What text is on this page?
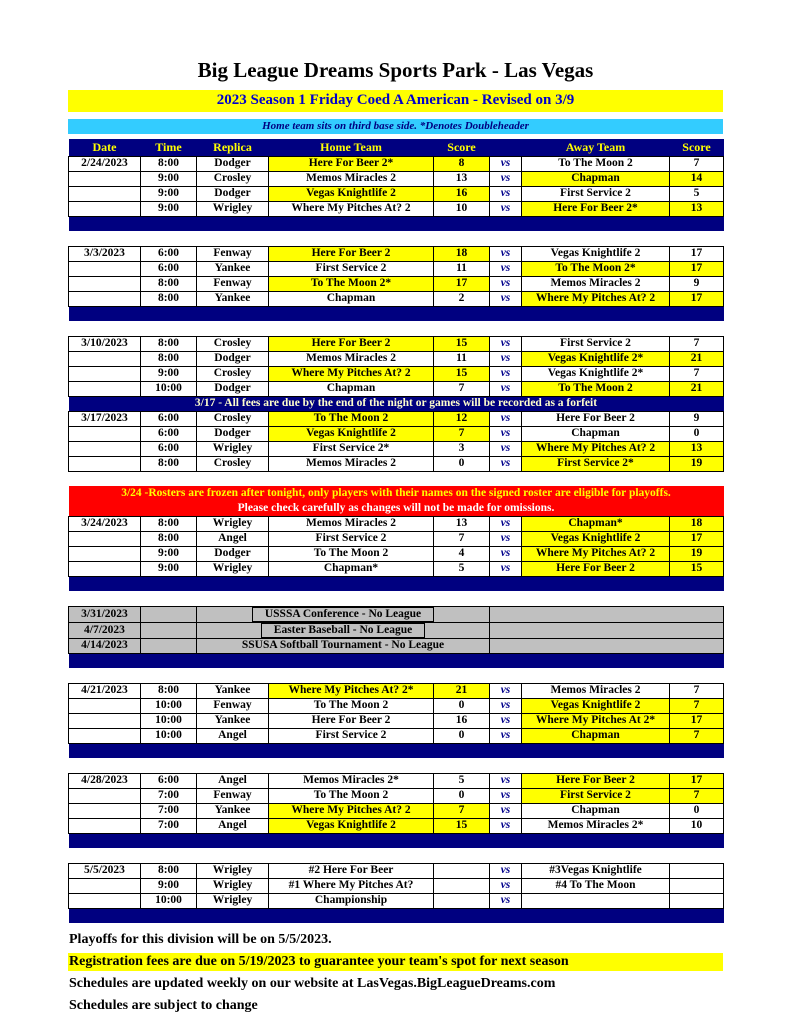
Big League Dreams Sports Park - Las Vegas
2023 Season 1 Friday Coed A American - Revised on 3/9
Home team sits on third base side. *Denotes Doubleheader
Date	Time	Replica	Home Team	Score		Away Team	Score
2/24/2023	8:00	Dodger	Here For Beer 2*	8	vs	To The Moon 2	7
	9:00	Crosley	Memos Miracles 2	13	vs	Chapman	14
	9:00	Dodger	Vegas Knightlife 2	16	vs	First Service 2	5
	9:00	Wrigley	Where My Pitches At? 2	10	vs	Here For Beer 2*	13

3/3/2023	6:00	Fenway	Here For Beer 2	18	vs	Vegas Knightlife 2	17
	6:00	Yankee	First Service 2	11	vs	To The Moon 2*	17
	8:00	Fenway	To The Moon 2*	17	vs	Memos Miracles 2	9
	8:00	Yankee	Chapman	2	vs	Where My Pitches At? 2	17

3/10/2023	8:00	Crosley	Here For Beer 2	15	vs	First Service 2	7
	8:00	Dodger	Memos Miracles 2	11	vs	Vegas Knightlife 2*	21
	9:00	Crosley	Where My Pitches At? 2	15	vs	Vegas Knightlife 2*	7
	10:00	Dodger	Chapman	7	vs	To The Moon 2	21
3/17 - All fees are due by the end of the night or games will be recorded as a forfeit							
3/17/2023	6:00	Crosley	To The Moon 2	12	vs	Here For Beer 2	9
	6:00	Dodger	Vegas Knightlife 2	7	vs	Chapman	0
	6:00	Wrigley	First Service 2*	3	vs	Where My Pitches At? 2	13
	8:00	Crosley	Memos Miracles 2	0	vs	First Service 2*	19

3/24 -Rosters are frozen after tonight, only players with their names on the signed roster are eligible for playoffs.							
Please check carefully as changes will not be made for omissions.							
3/24/2023	8:00	Wrigley	Memos Miracles 2	13	vs	Chapman*	18
	8:00	Angel	First Service 2	7	vs	Vegas Knightlife 2	17
	9:00	Dodger	To The Moon 2	4	vs	Where My Pitches At? 2	19
	9:00	Wrigley	Chapman*	5	vs	Here For Beer 2	15

3/31/2023		USSSA Conference - No League					
4/7/2023		Easter Baseball - No League					
4/14/2023		SSUSA Softball Tournament - No League					

4/21/2023	8:00	Yankee	Where My Pitches At? 2*	21	vs	Memos Miracles 2	7
	10:00	Fenway	To The Moon 2	0	vs	Vegas Knightlife 2	7
	10:00	Yankee	Here For Beer 2	16	vs	Where My Pitches At 2*	17
	10:00	Angel	First Service 2	0	vs	Chapman	7

4/28/2023	6:00	Angel	Memos Miracles 2*	5	vs	Here For Beer 2	17
	7:00	Fenway	To The Moon 2	0	vs	First Service 2	7
	7:00	Yankee	Where My Pitches At? 2	7	vs	Chapman	0
	7:00	Angel	Vegas Knightlife 2	15	vs	Memos Miracles 2*	10

5/5/2023	8:00	Wrigley	#2 Here For Beer		vs	#3Vegas Knightlife	
	9:00	Wrigley	#1 Where My Pitches At?		vs	#4 To The Moon	
	10:00	Wrigley	Championship		vs		

Playoffs for this division will be on 5/5/2023.
Registration fees are due on 5/19/2023 to guarantee your team's spot for next season
Schedules are updated weekly on our website at LasVegas.BigLeagueDreams.com
Schedules are subject to change
